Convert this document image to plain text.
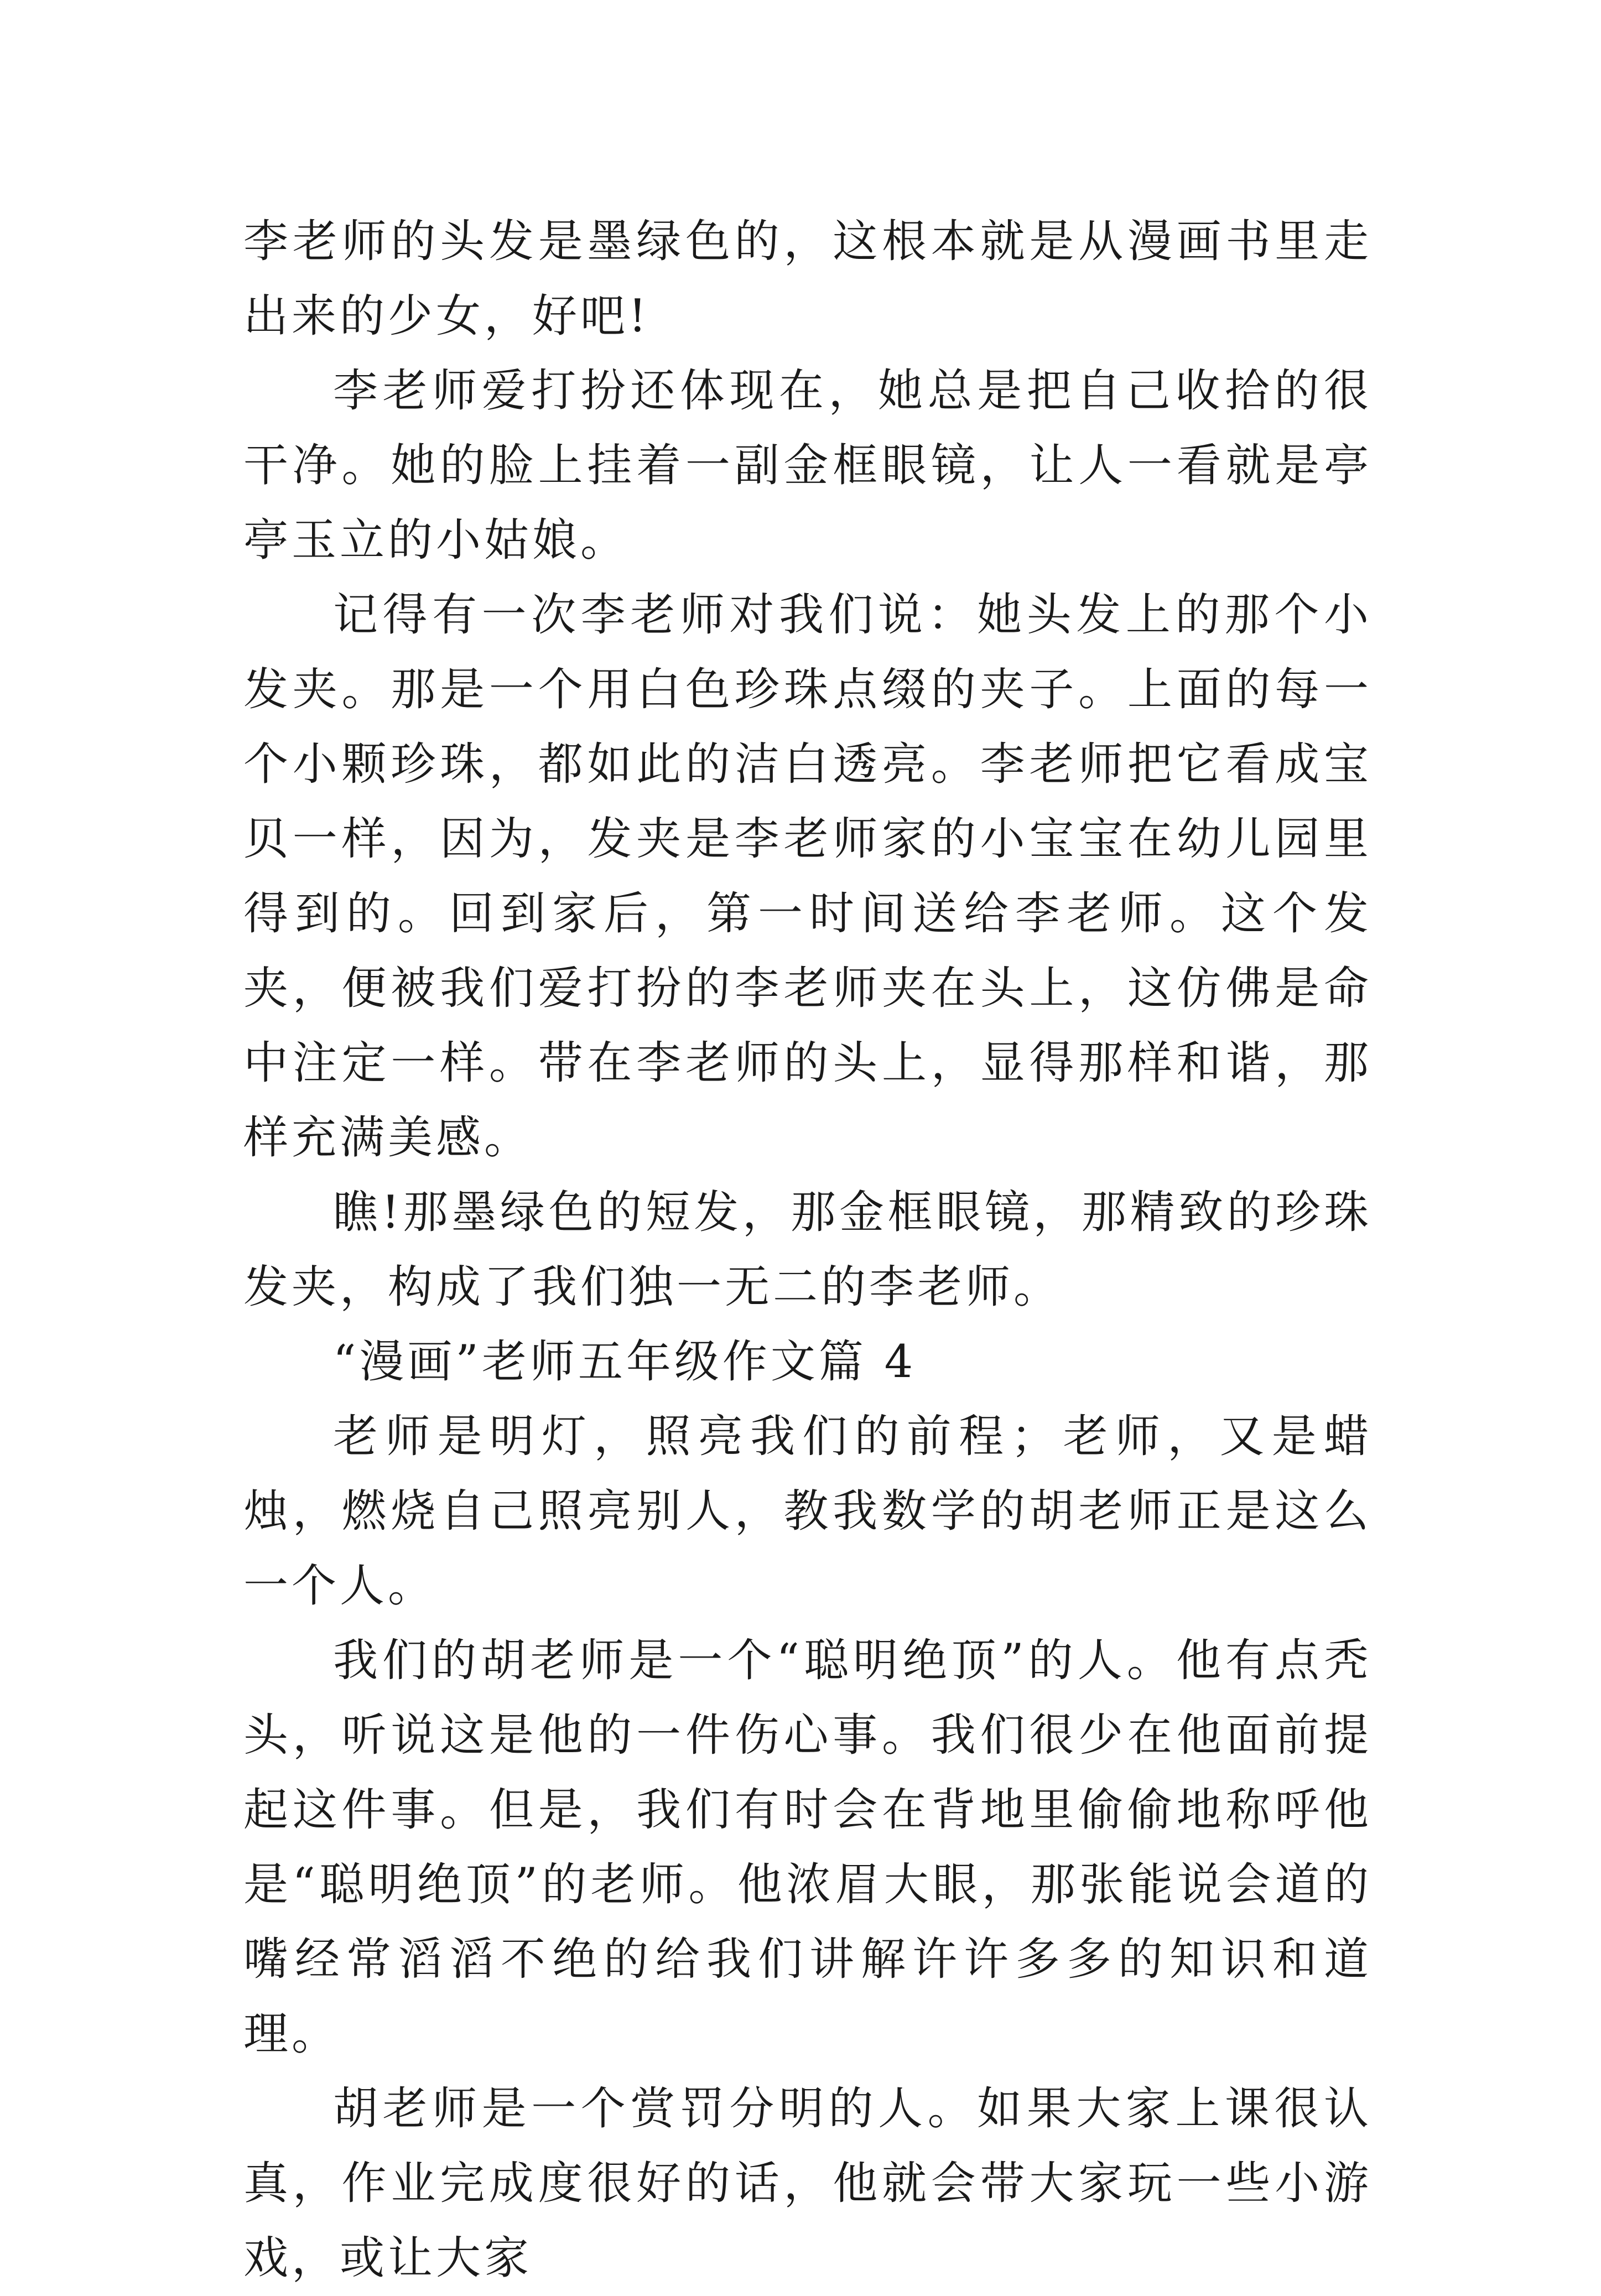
李老师的头发是墨绿色的，这根本就是从漫画书里走出来的少女，好吧!

李老师爱打扮还体现在，她总是把自己收拾的很干净。她的脸上挂着一副金框眼镜，让人一看就是亭亭玉立的小姑娘。

记得有一次李老师对我们说：她头发上的那个小发夹。那是一个用白色珍珠点缀的夹子。上面的每一个小颗珍珠，都如此的洁白透亮。李老师把它看成宝贝一样，因为，发夹是李老师家的小宝宝在幼儿园里得到的。回到家后，第一时间送给李老师。这个发夹，便被我们爱打扮的李老师夹在头上，这仿佛是命中注定一样。带在李老师的头上，显得那样和谐，那样充满美感。

瞧!那墨绿色的短发，那金框眼镜，那精致的珍珠发夹，构成了我们独一无二的李老师。

“漫画”老师五年级作文篇 4

老师是明灯，照亮我们的前程；老师，又是蜡烛，燃烧自己照亮别人，教我数学的胡老师正是这么一个人。

我们的胡老师是一个“聪明绝顶”的人。他有点秃头，听说这是他的一件伤心事。我们很少在他面前提起这件事。但是，我们有时会在背地里偷偷地称呼他是“聪明绝顶”的老师。他浓眉大眼，那张能说会道的嘴经常滔滔不绝的给我们讲解许许多多的知识和道理。

胡老师是一个赏罚分明的人。如果大家上课很认真，作业完成度很好的话，他就会带大家玩一些小游戏，或让大家
